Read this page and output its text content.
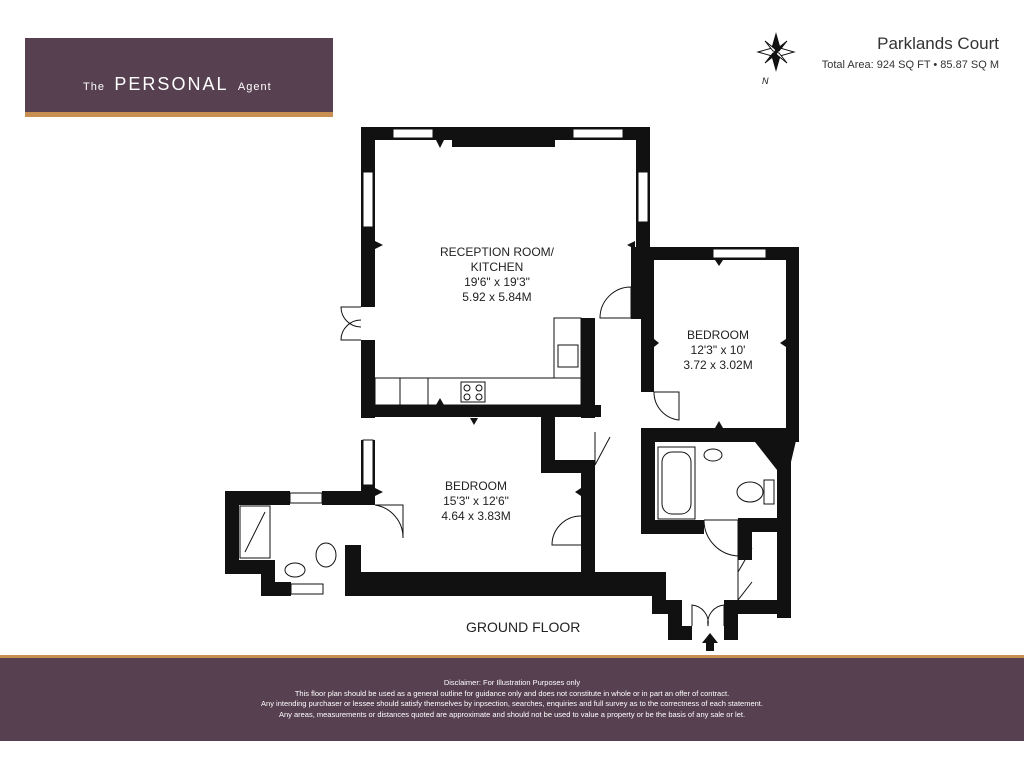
The PERSONAL Agent	N
Parklands Court
Total Area: 924 SQ FT • 85.87 SQ M
RECEPTION ROOM/
KITCHEN
19'6" x 19'3"
5.92 x 5.84M
BEDROOM
12'3" x 10'
3.72 x 3.02M
BEDROOM
15'3" x 12'6"
4.64 x 3.83M
GROUND FLOOR
Disclaimer: For Illustration Purposes only
This floor plan should be used as a general outline for guidance only and does not constitute in whole or in part an offer of contract.
Any intending purchaser or lessee should satisfy themselves by inpsection, searches, enquiries and full survey as to the correctness of each statement.
Any areas, measurements or distances quoted are approximate and should not be used to value a property or be the basis of any sale or let.
